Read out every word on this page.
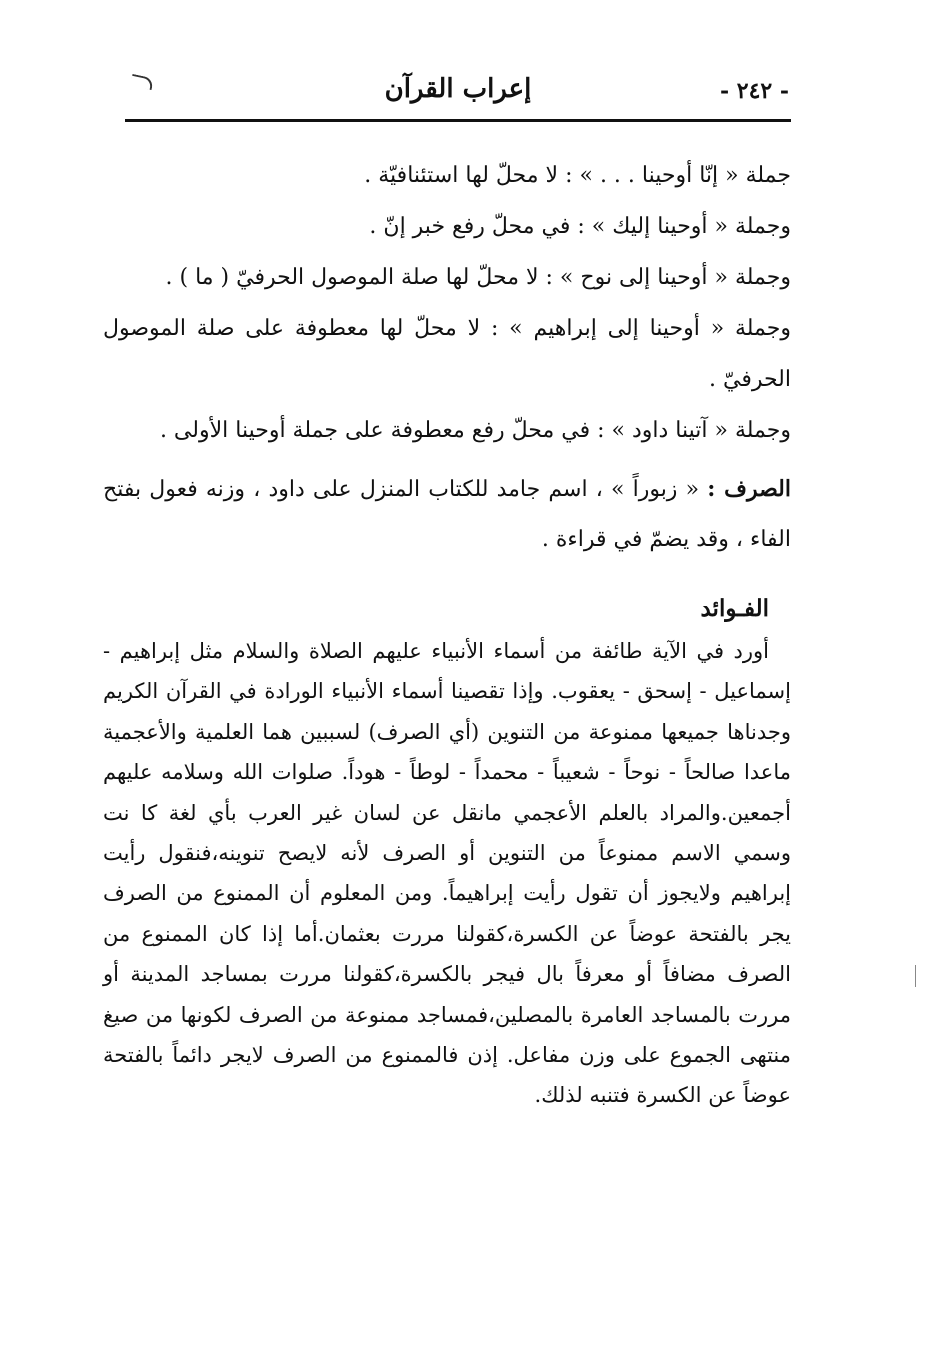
إعراب القرآن	- ٢٤٢ -

جملة « إنّا أوحينا . . . » : لا محلّ لها استئنافيّة .

وجملة « أوحينا إليك » : في محلّ رفع خبر إنّ .

وجملة « أوحينا إلى نوح » : لا محلّ لها صلة الموصول الحرفيّ ( ما ) .

وجملة « أوحينا إلى إبراهيم » : لا محلّ لها معطوفة على صلة الموصول الحرفيّ .

وجملة « آتينا داود » : في محلّ رفع معطوفة على جملة أوحينا الأولى .

الصرف : « زبوراً » ، اسم جامد للكتاب المنزل على داود ، وزنه فعول بفتح الفاء ، وقد يضمّ في قراءة .

الفـوائد

أورد في الآية طائفة من أسماء الأنبياء عليهم الصلاة والسلام مثل إبراهيم - إسماعيل - إسحق - يعقوب. وإذا تقصينا أسماء الأنبياء الورادة في القرآن الكريم وجدناها جميعها ممنوعة من التنوين (أي الصرف) لسببين هما العلمية والأعجمية ماعدا صالحاً - نوحاً - شعيباً - محمداً - لوطاً - هوداً. صلوات الله وسلامه عليهم أجمعين.والمراد بالعلم الأعجمي مانقل عن لسان غير العرب بأي لغة كا نت وسمي الاسم ممنوعاً من التنوين أو الصرف لأنه لايصح تنوينه،فنقول رأيت إبراهيم ولايجوز أن تقول رأيت إبراهيماً. ومن المعلوم أن الممنوع من الصرف يجر بالفتحة عوضاً عن الكسرة،كقولنا مررت بعثمان.أما إذا كان الممنوع من الصرف مضافاً أو معرفاً بال فيجر بالكسرة،كقولنا مررت بمساجد المدينة أو مررت بالمساجد العامرة بالمصلين،فمساجد ممنوعة من الصرف لكونها من صيغ منتهى الجموع على وزن مفاعل. إذن فالممنوع من الصرف لايجر دائماً بالفتحة عوضاً عن الكسرة فتنبه لذلك.
